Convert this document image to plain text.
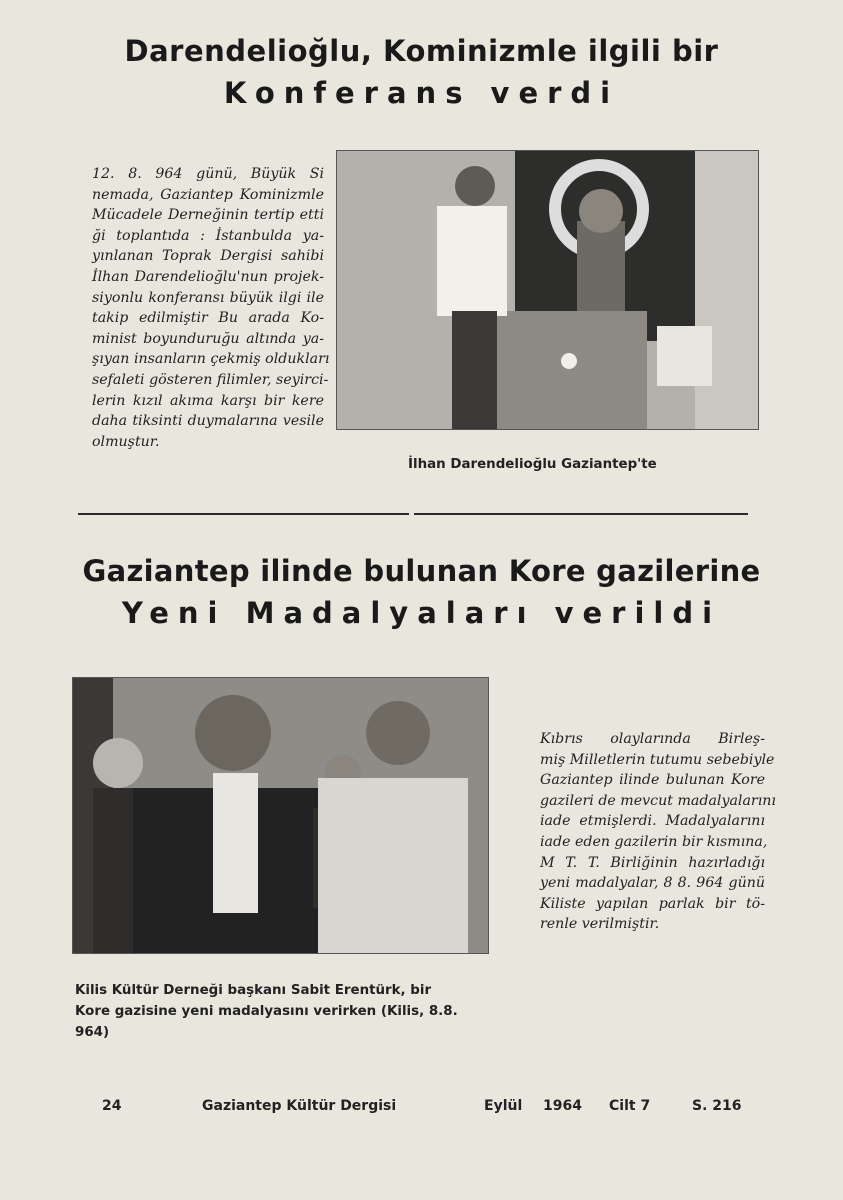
Darendelioğlu, Kominizmle ilgili bir
Konferans verdi
12. 8. 964 günü, Büyük Si
nemada, Gaziantep Kominizmle
Mücadele Derneğinin tertip etti
ği toplantıda : İstanbulda ya-
yınlanan Toprak Dergisi sahibi
İlhan Darendelioğlu'nun projek-
siyonlu konferansı büyük ilgi ile
takip edilmiştir Bu arada Ko-
minist boyunduruğu altında ya-
şıyan insanların çekmiş oldukları
sefaleti gösteren filimler, seyirci-
lerin kızıl akıma karşı bir kere
daha tiksinti duymalarına vesile
olmuştur.
İlhan Darendelioğlu Gaziantep'te
Gaziantep ilinde bulunan Kore gazilerine
Yeni Madalyaları verildi
Kıbrıs olaylarında Birleş-
miş Milletlerin tutumu sebebiyle
Gaziantep ilinde bulunan Kore
gazileri de mevcut madalyalarını
iade etmişlerdi. Madalyalarını
iade eden gazilerin bir kısmına,
M T. T. Birliğinin hazırladığı
yeni madalyalar, 8 8. 964 günü
Kiliste yapılan parlak bir tö-
renle verilmiştir.
Kilis Kültür Derneği başkanı Sabit Erentürk, bir
Kore gazisine yeni madalyasını verirken (Kilis, 8.8.
964)
24	Gaziantep Kültür Dergisi	Eylül 1964 Cilt 7	S. 216
